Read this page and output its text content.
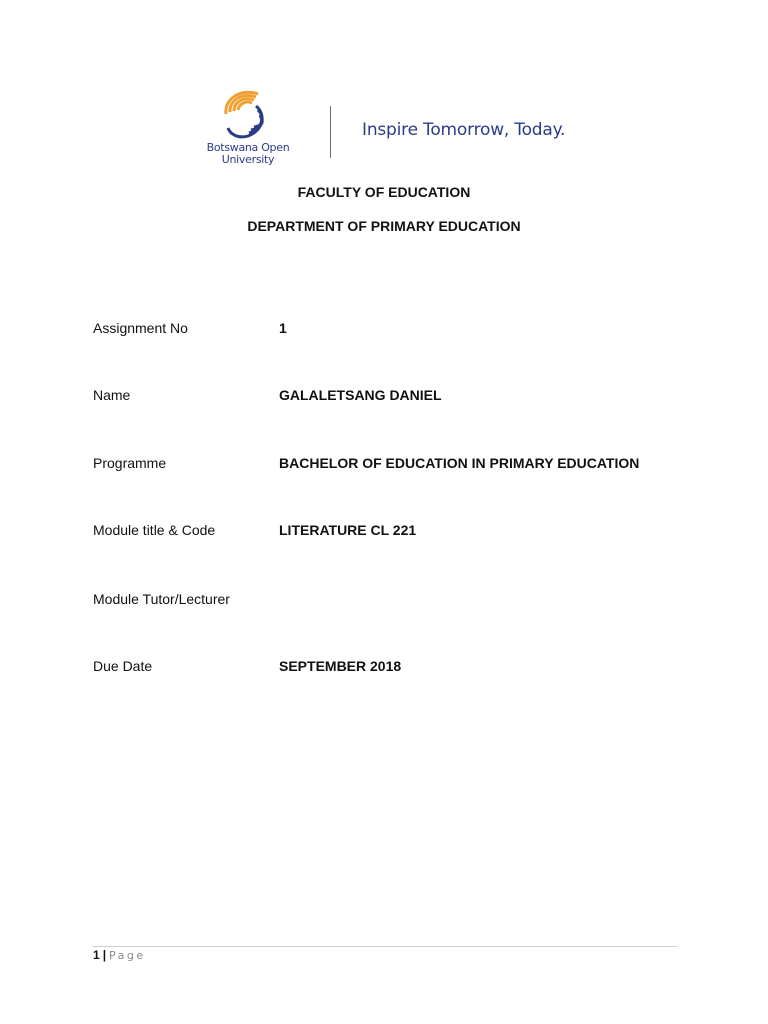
Botswana Open
University
Inspire Tomorrow, Today.
FACULTY OF EDUCATION
DEPARTMENT OF PRIMARY EDUCATION
Assignment No	1
Name	GALALETSANG DANIEL
Programme	BACHELOR OF EDUCATION IN PRIMARY EDUCATION
Module title & Code	LITERATURE CL 221
Module Tutor/Lecturer
Due Date	SEPTEMBER 2018
1 | Page
